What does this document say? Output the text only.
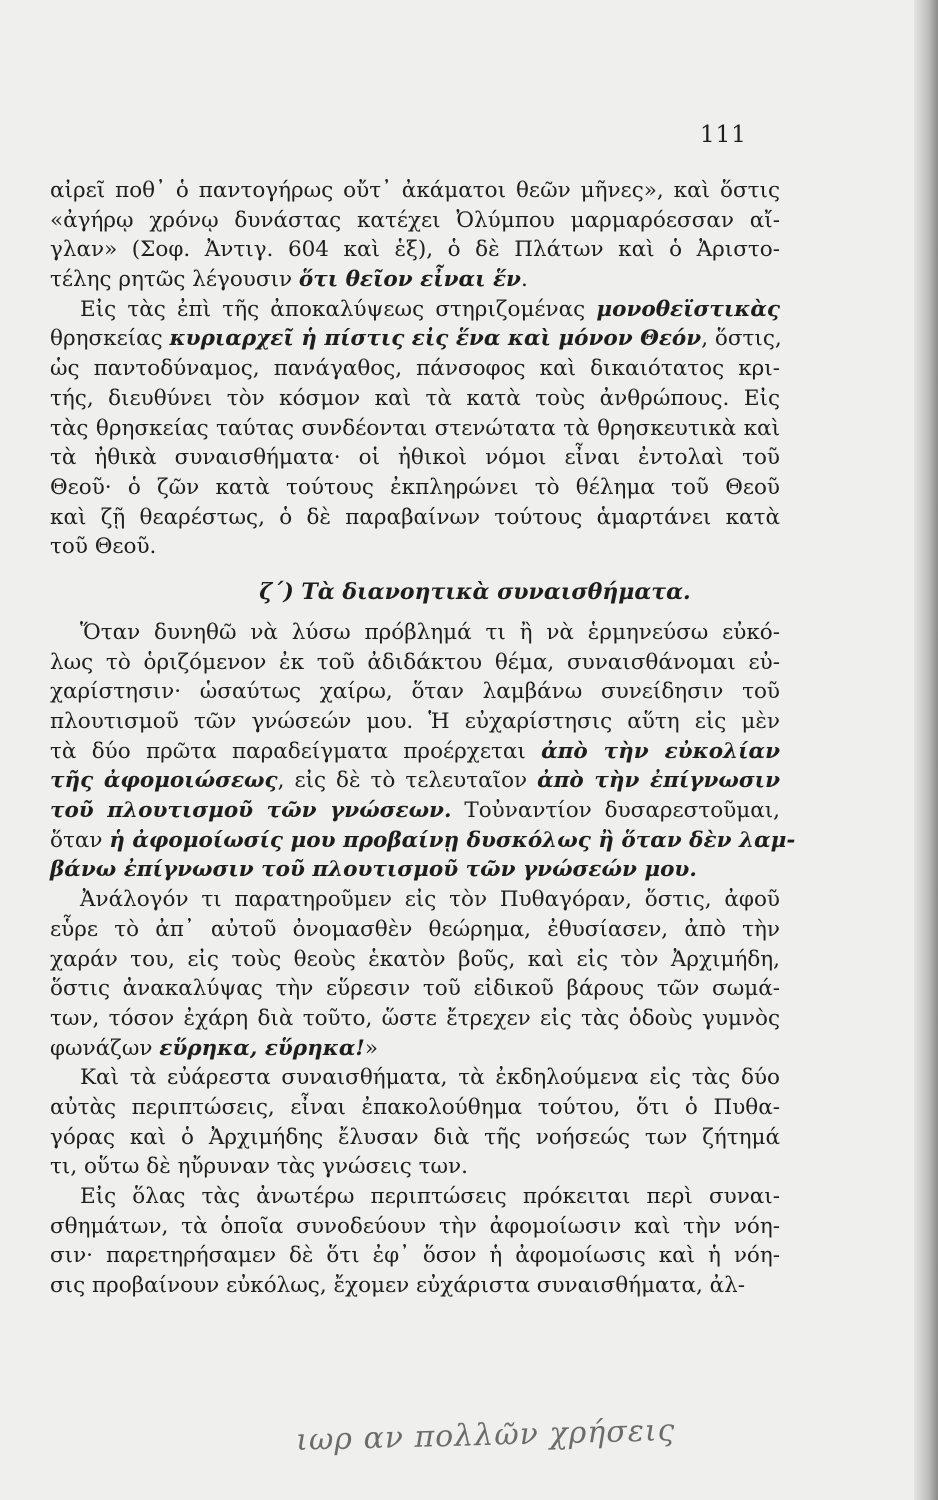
111
αἰρεῖ ποθ᾿ ὁ παντογήρως οὔτ᾿ ἀκάματοι θεῶν μῆνες», καὶ ὅστις
«ἀγήρῳ χρόνῳ δυνάστας κατέχει Ὀλύμπου μαρμαρόεσσαν αἴ-
γλαν» (Σοφ. Ἀντιγ. 604 καὶ ἑξ), ὁ δὲ Πλάτων καὶ ὁ Ἀριστο-
τέλης ρητῶς λέγουσιν ὅτι θεῖον εἶναι ἕν.
Εἰς τὰς ἐπὶ τῆς ἀποκαλύψεως στηριζομένας μονοθεϊστικὰς
θρησκείας κυριαρχεῖ ἡ πίστις εἰς ἕνα καὶ μόνον Θεόν, ὅστις,
ὡς παντοδύναμος, πανάγαθος, πάνσοφος καὶ δικαιότατος κρι-
τής, διευθύνει τὸν κόσμον καὶ τὰ κατὰ τοὺς ἀνθρώπους. Εἰς
τὰς θρησκείας ταύτας συνδέονται στενώτατα τὰ θρησκευτικὰ καὶ
τὰ ἠθικὰ συναισθήματα· οἱ ἠθικοὶ νόμοι εἶναι ἐντολαὶ τοῦ
Θεοῦ· ὁ ζῶν κατὰ τούτους ἐκπληρώνει τὸ θέλημα τοῦ Θεοῦ
καὶ ζῇ θεαρέστως, ὁ δὲ παραβαίνων τούτους ἁμαρτάνει κατὰ
τοῦ Θεοῦ.
ζ΄) Τὰ διανοητικὰ συναισθήματα.
Ὅταν δυνηθῶ νὰ λύσω πρόβλημά τι ἢ νὰ ἑρμηνεύσω εὐκό-
λως τὸ ὁριζόμενον ἐκ τοῦ ἀδιδάκτου θέμα, συναισθάνομαι εὐ-
χαρίστησιν· ὡσαύτως χαίρω, ὅταν λαμβάνω συνείδησιν τοῦ
πλουτισμοῦ τῶν γνώσεών μου. Ἡ εὐχαρίστησις αὕτη εἰς μὲν
τὰ δύο πρῶτα παραδείγματα προέρχεται ἀπὸ τὴν εὐκολίαν
τῆς ἀφομοιώσεως, εἰς δὲ τὸ τελευταῖον ἀπὸ τὴν ἐπίγνωσιν
τοῦ πλουτισμοῦ τῶν γνώσεων. Τοὐναντίον δυσαρεστοῦμαι,
ὅταν ἡ ἀφομοίωσίς μου προβαίνῃ δυσκόλως ἢ ὅταν δὲν λαμ-
βάνω ἐπίγνωσιν τοῦ πλουτισμοῦ τῶν γνώσεών μου.
Ἀνάλογόν τι παρατηροῦμεν εἰς τὸν Πυθαγόραν, ὅστις, ἀφοῦ
εὗρε τὸ ἀπ᾿ αὐτοῦ ὀνομασθὲν θεώρημα, ἐθυσίασεν, ἀπὸ τὴν
χαράν του, εἰς τοὺς θεοὺς ἑκατὸν βοῦς, καὶ εἰς τὸν Ἀρχιμήδη,
ὅστις ἀνακαλύψας τὴν εὕρεσιν τοῦ εἰδικοῦ βάρους τῶν σωμά-
των, τόσον ἐχάρη διὰ τοῦτο, ὥστε ἔτρεχεν εἰς τὰς ὁδοὺς γυμνὸς
φωνάζων εὕρηκα, εὕρηκα!»
Καὶ τὰ εὐάρεστα συναισθήματα, τὰ ἐκδηλούμενα εἰς τὰς δύο
αὐτὰς περιπτώσεις, εἶναι ἐπακολούθημα τούτου, ὅτι ὁ Πυθα-
γόρας καὶ ὁ Ἀρχιμήδης ἔλυσαν διὰ τῆς νοήσεώς των ζήτημά
τι, οὕτω δὲ ηὔρυναν τὰς γνώσεις των.
Εἰς ὅλας τὰς ἀνωτέρω περιπτώσεις πρόκειται περὶ συναι-
σθημάτων, τὰ ὁποῖα συνοδεύουν τὴν ἀφομοίωσιν καὶ τὴν νόη-
σιν· παρετηρήσαμεν δὲ ὅτι ἐφ᾿ ὅσον ἡ ἀφομοίωσις καὶ ἡ νόη-
σις προβαίνουν εὐκόλως, ἔχομεν εὐχάριστα συναισθήματα, ἀλ-
ιωρ αν πολλῶν χρήσεις
